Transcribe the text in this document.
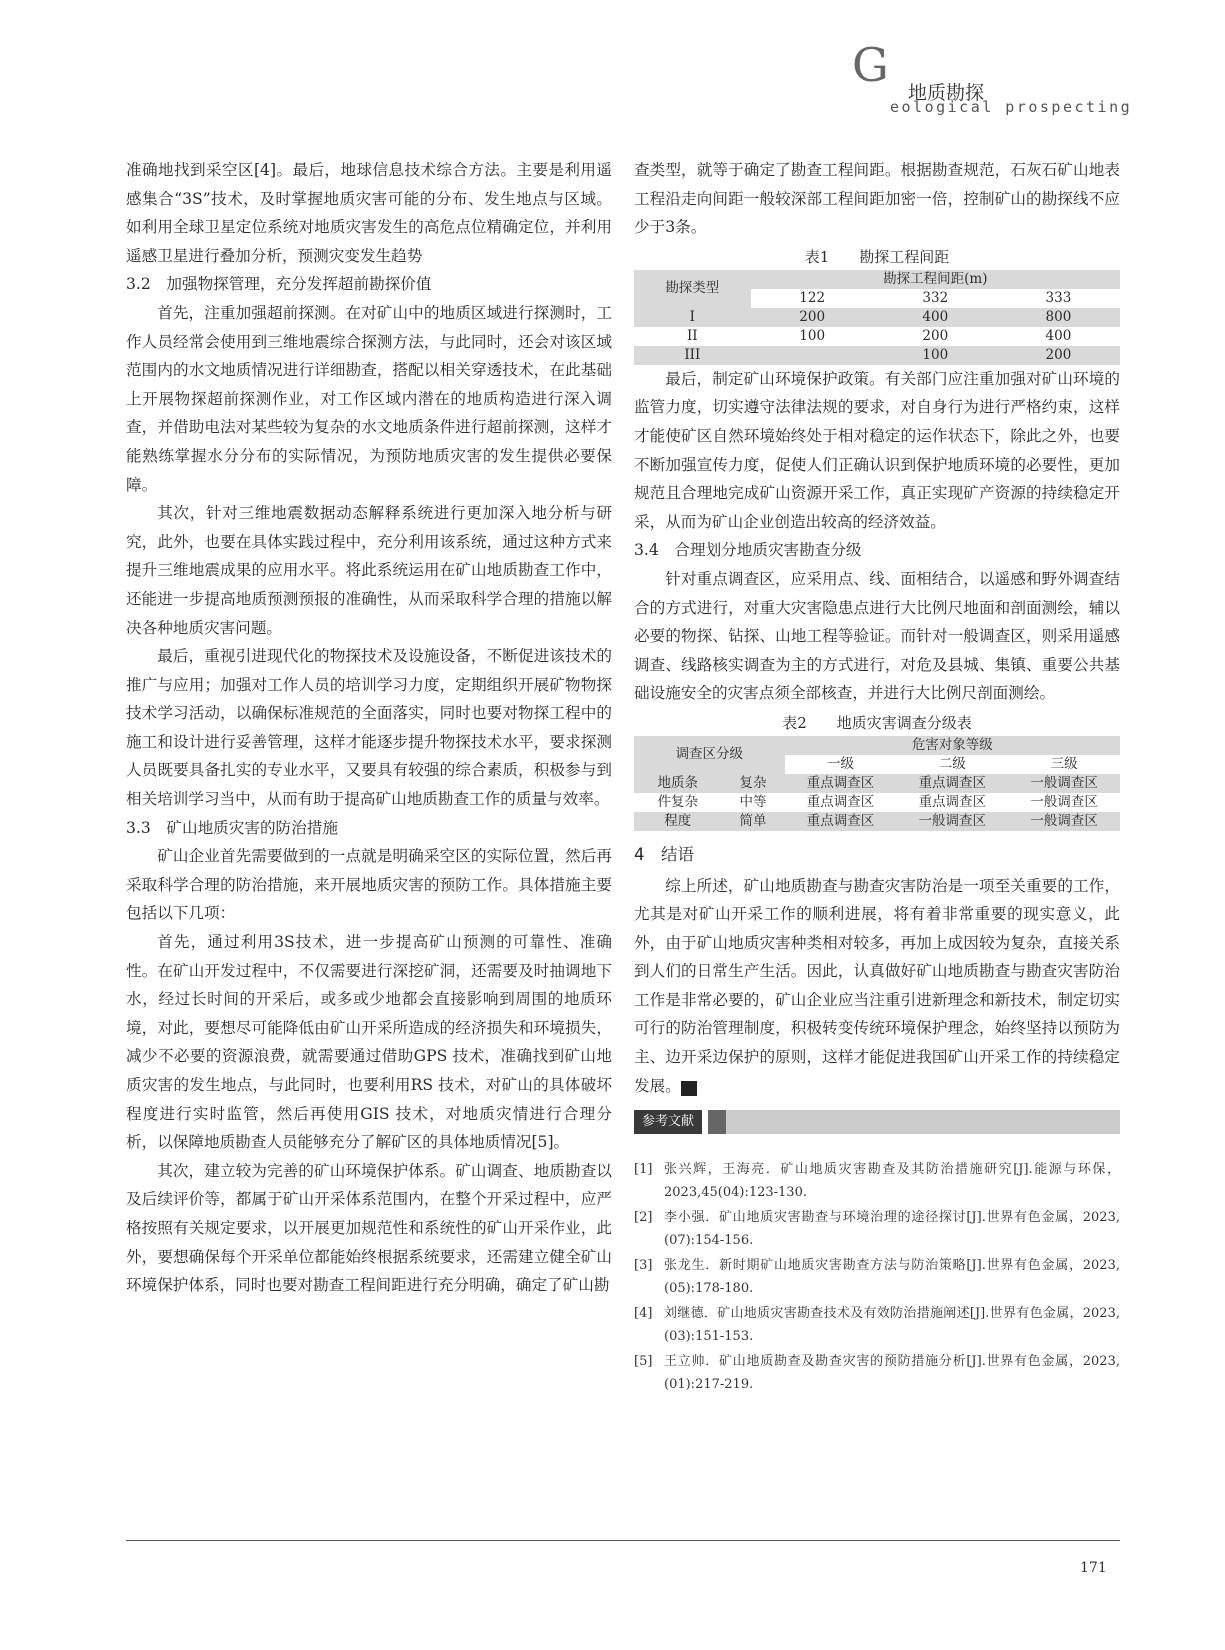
G
地质勘探
eological prospecting

准确地找到采空区[4]。最后，地球信息技术综合方法。主要是利用遥感集合“3S”技术，及时掌握地质灾害可能的分布、发生地点与区域。如利用全球卫星定位系统对地质灾害发生的高危点位精确定位，并利用遥感卫星进行叠加分析，预测灾变发生趋势

3.2　加强物探管理，充分发挥超前勘探价值

首先，注重加强超前探测。在对矿山中的地质区域进行探测时，工作人员经常会使用到三维地震综合探测方法，与此同时，还会对该区域范围内的水文地质情况进行详细勘查，搭配以相关穿透技术，在此基础上开展物探超前探测作业，对工作区域内潜在的地质构造进行深入调查，并借助电法对某些较为复杂的水文地质条件进行超前探测，这样才能熟练掌握水分分布的实际情况，为预防地质灾害的发生提供必要保障。

其次，针对三维地震数据动态解释系统进行更加深入地分析与研究，此外，也要在具体实践过程中，充分利用该系统，通过这种方式来提升三维地震成果的应用水平。将此系统运用在矿山地质勘查工作中，还能进一步提高地质预测预报的准确性，从而采取科学合理的措施以解决各种地质灾害问题。

最后，重视引进现代化的物探技术及设施设备，不断促进该技术的推广与应用；加强对工作人员的培训学习力度，定期组织开展矿物物探技术学习活动，以确保标准规范的全面落实，同时也要对物探工程中的施工和设计进行妥善管理，这样才能逐步提升物探技术水平，要求探测人员既要具备扎实的专业水平，又要具有较强的综合素质，积极参与到相关培训学习当中，从而有助于提高矿山地质勘查工作的质量与效率。

3.3　矿山地质灾害的防治措施

矿山企业首先需要做到的一点就是明确采空区的实际位置，然后再采取科学合理的防治措施，来开展地质灾害的预防工作。具体措施主要包括以下几项：

首先，通过利用3S技术，进一步提高矿山预测的可靠性、准确性。在矿山开发过程中，不仅需要进行深挖矿洞，还需要及时抽调地下水，经过长时间的开采后，或多或少地都会直接影响到周围的地质环境，对此，要想尽可能降低由矿山开采所造成的经济损失和环境损失，减少不必要的资源浪费，就需要通过借助GPS 技术，准确找到矿山地质灾害的发生地点，与此同时，也要利用RS 技术，对矿山的具体破坏程度进行实时监管，然后再使用GIS 技术，对地质灾情进行合理分析，以保障地质勘查人员能够充分了解矿区的具体地质情况[5]。

其次，建立较为完善的矿山环境保护体系。矿山调查、地质勘查以及后续评价等，都属于矿山开采体系范围内，在整个开采过程中，应严格按照有关规定要求，以开展更加规范性和系统性的矿山开采作业，此外，要想确保每个开采单位都能始终根据系统要求，还需建立健全矿山环境保护体系，同时也要对勘查工程间距进行充分明确，确定了矿山勘

查类型，就等于确定了勘查工程间距。根据勘查规范，石灰石矿山地表工程沿走向间距一般较深部工程间距加密一倍，控制矿山的勘探线不应少于3条。

表1　　勘探工程间距
勘探类型	勘探工程间距(m)		
	122	332	333
I	200	400	800
II	100	200	400
III		100	200

最后，制定矿山环境保护政策。有关部门应注重加强对矿山环境的监管力度，切实遵守法律法规的要求，对自身行为进行严格约束，这样才能使矿区自然环境始终处于相对稳定的运作状态下，除此之外，也要不断加强宣传力度，促使人们正确认识到保护地质环境的必要性，更加规范且合理地完成矿山资源开采工作，真正实现矿产资源的持续稳定开采，从而为矿山企业创造出较高的经济效益。

3.4　合理划分地质灾害勘查分级

针对重点调查区，应采用点、线、面相结合，以遥感和野外调查结合的方式进行，对重大灾害隐患点进行大比例尺地面和剖面测绘，辅以必要的物探、钻探、山地工程等验证。而针对一般调查区，则采用遥感调查、线路核实调查为主的方式进行，对危及县城、集镇、重要公共基础设施安全的灾害点须全部核查，并进行大比例尺剖面测绘。

表2　　地质灾害调查分级表
调查区分级		危害对象等级		
		一级	二级	三级
地质条	复杂	重点调查区	重点调查区	一般调查区
件复杂	中等	重点调查区	重点调查区	一般调查区
程度	简单	重点调查区	一般调查区	一般调查区
4　结语

综上所述，矿山地质勘查与勘查灾害防治是一项至关重要的工作，尤其是对矿山开采工作的顺利进展，将有着非常重要的现实意义，此外，由于矿山地质灾害种类相对较多，再加上成因较为复杂，直接关系到人们的日常生产生活。因此，认真做好矿山地质勘查与勘查灾害防治工作是非常必要的，矿山企业应当注重引进新理念和新技术，制定切实可行的防治管理制度，积极转变传统环境保护理念，始终坚持以预防为主、边开采边保护的原则，这样才能促进我国矿山开采工作的持续稳定发展。	世

参考文献
[1] 张兴辉，王海亮．矿山地质灾害勘查及其防治措施研究[J].能源与环保，2023,45(04):123-130.
[2] 李小强．矿山地质灾害勘查与环境治理的途径探讨[J].世界有色金属，2023,(07):154-156.
[3] 张龙生．新时期矿山地质灾害勘查方法与防治策略[J].世界有色金属，2023,(05):178-180.
[4] 刘继德．矿山地质灾害勘查技术及有效防治措施阐述[J].世界有色金属，2023,(03):151-153.
[5] 王立帅．矿山地质勘查及勘查灾害的预防措施分析[J].世界有色金属，2023,(01):217-219.
171
